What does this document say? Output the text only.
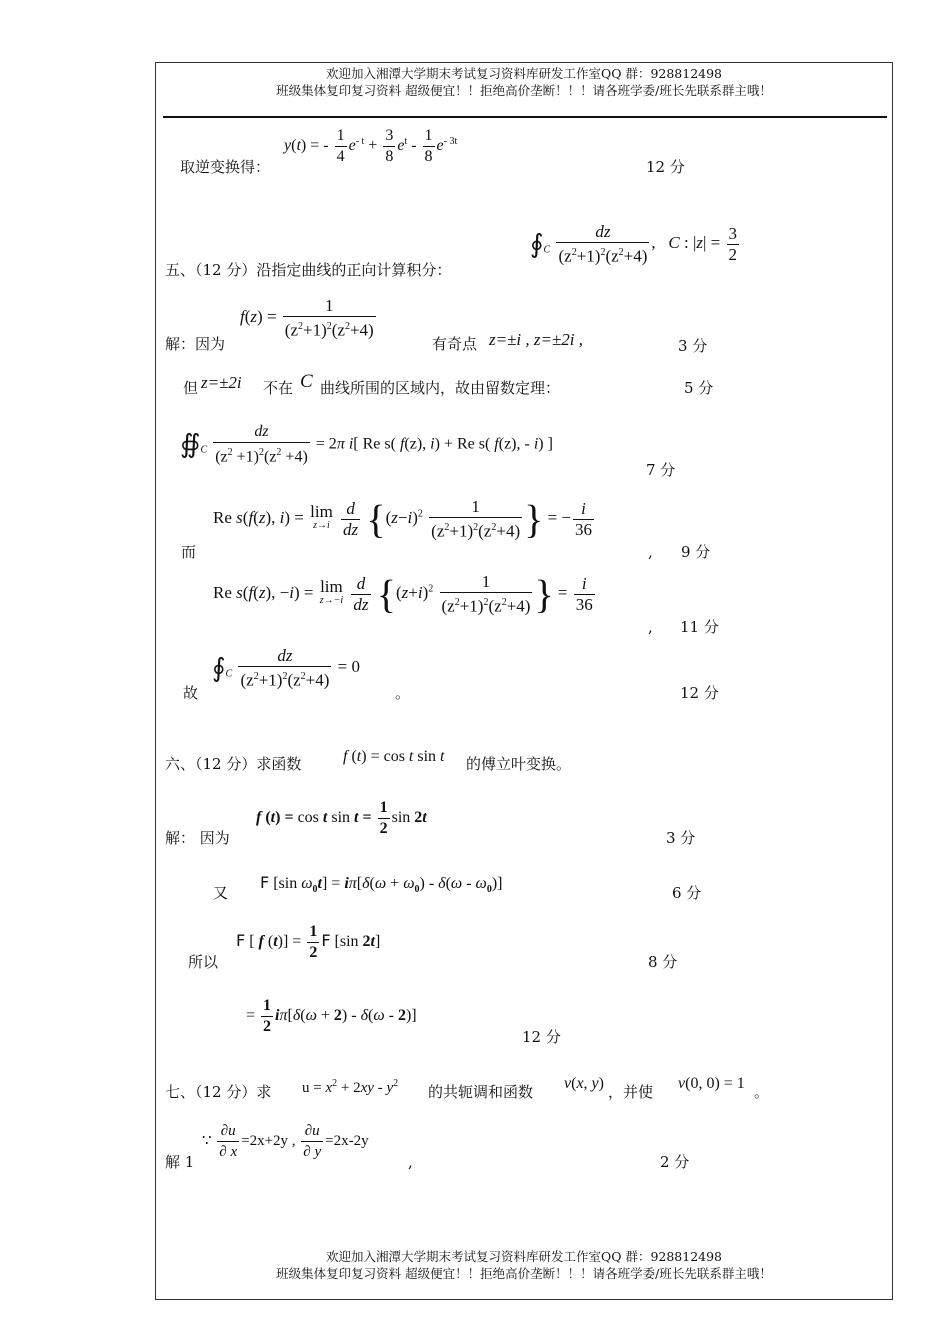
欢迎加入湘潭大学期末考试复习资料库研发工作室QQ 群：928812498
班级集体复印复习资料 超级便宜！！拒绝高价垄断！！！请各班学委/班长先联系群主哦！
y(t) = - $\frac{1}{4} e^{- t} + \frac{3}{8} e^t - \frac{1}{8} e^{- 3t}$
取逆变换得：	12 分
五、（12 分）沿指定曲线的正向计算积分：
$∮_C \frac{dz}{(z^2+1)^2(z^2+4)}$ ,   C : $|z| = \frac{3}{2}$
$f(z) = \frac{1}{(z^2+1)^2(z^2+4)}$
解：因为	有奇点 z=±i , z=±2i ,	3 分
但 z=±2i 不在 C 曲线所围的区域内，故由留数定理：	5 分
$∯_C \frac{dz}{(z^2 +1)^2(z^2 +4)} = 2\pi$ i[ Re s( f(z), i) + Re s( f(z), - i) ]
7 分
Re s(f(z), i) = lim
z→i
$\frac{d}{dz} \{(z-i)^2 \frac{1}{(z^2+1)^2(z^2+4)}$ } = − $\frac{i}{36}$
而	, 9 分
Re s(f(z), −i) = lim
z→−i
$\frac{d}{dz} \{(z+i)^2 \frac{1}{(z^2+1)^2(z^2+4)}$ } = $\frac{i}{36}$
, 11 分
$∮_C \frac{dz}{(z^2+1)^2(z^2+4)} = 0$
故	。	12 分
六、（12 分）求函数	f (t) = cos t sin t 的傅立叶变换。
f (t) = cos t $\sin t = \frac{1}{2}$ sin 2t
解： 因为	3 分
F [sin $\omega_0t] = i\pi[\delta(\omega + \omega_0) - \delta(\omega - \omega_0)]$
又	6 分
F [ f $(t)] = \frac{1}{2}$ F [sin 2t]
所以	8 分
= $\frac{1}{2} i\pi[\delta(\omega + 2) - \delta(\omega - 2)]$
12 分
七、（12 分）求 $u = x^2 + 2xy - y^2$ 的共轭调和函数 v(x, y) ，并使 v(0, 0) = 1 。
∵ $\frac{\partial u}{\partial x} =2x+2y$ , $\frac{\partial u}{\partial y} =2x-2y$
解 1	,	2 分
欢迎加入湘潭大学期末考试复习资料库研发工作室QQ 群：928812498
班级集体复印复习资料 超级便宜！！拒绝高价垄断！！！请各班学委/班长先联系群主哦！
